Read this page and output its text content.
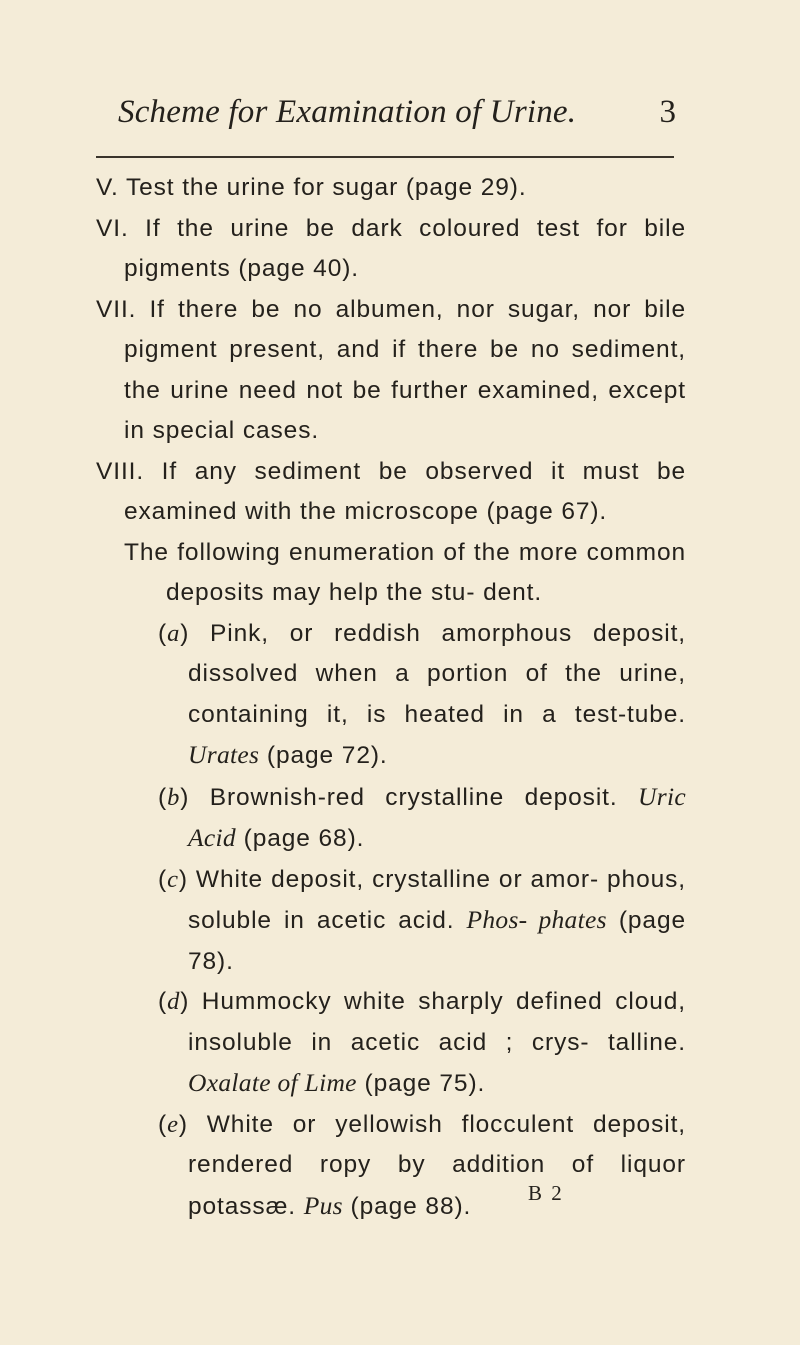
Scheme for Examination of Urine.	3

V. Test the urine for sugar (page 29).

VI. If the urine be dark coloured test for bile pigments (page 40).

VII. If there be no albumen, nor sugar, nor bile pigment present, and if there be no sediment, the urine need not be further examined, except in special cases.

VIII. If any sediment be observed it must be examined with the microscope (page 67).

The following enumeration of the more common deposits may help the stu- dent.

(a) Pink, or reddish amorphous deposit, dissolved when a portion of the urine, containing it, is heated in a test-tube. Urates (page 72).

(b) Brownish-red crystalline deposit. Uric Acid (page 68).

(c) White deposit, crystalline or amor- phous, soluble in acetic acid. Phos- phates (page 78).

(d) Hummocky white sharply defined cloud, insoluble in acetic acid ; crys- talline. Oxalate of Lime (page 75).

(e) White or yellowish flocculent deposit, rendered ropy by addition of liquor potassæ. Pus (page 88).	B 2
